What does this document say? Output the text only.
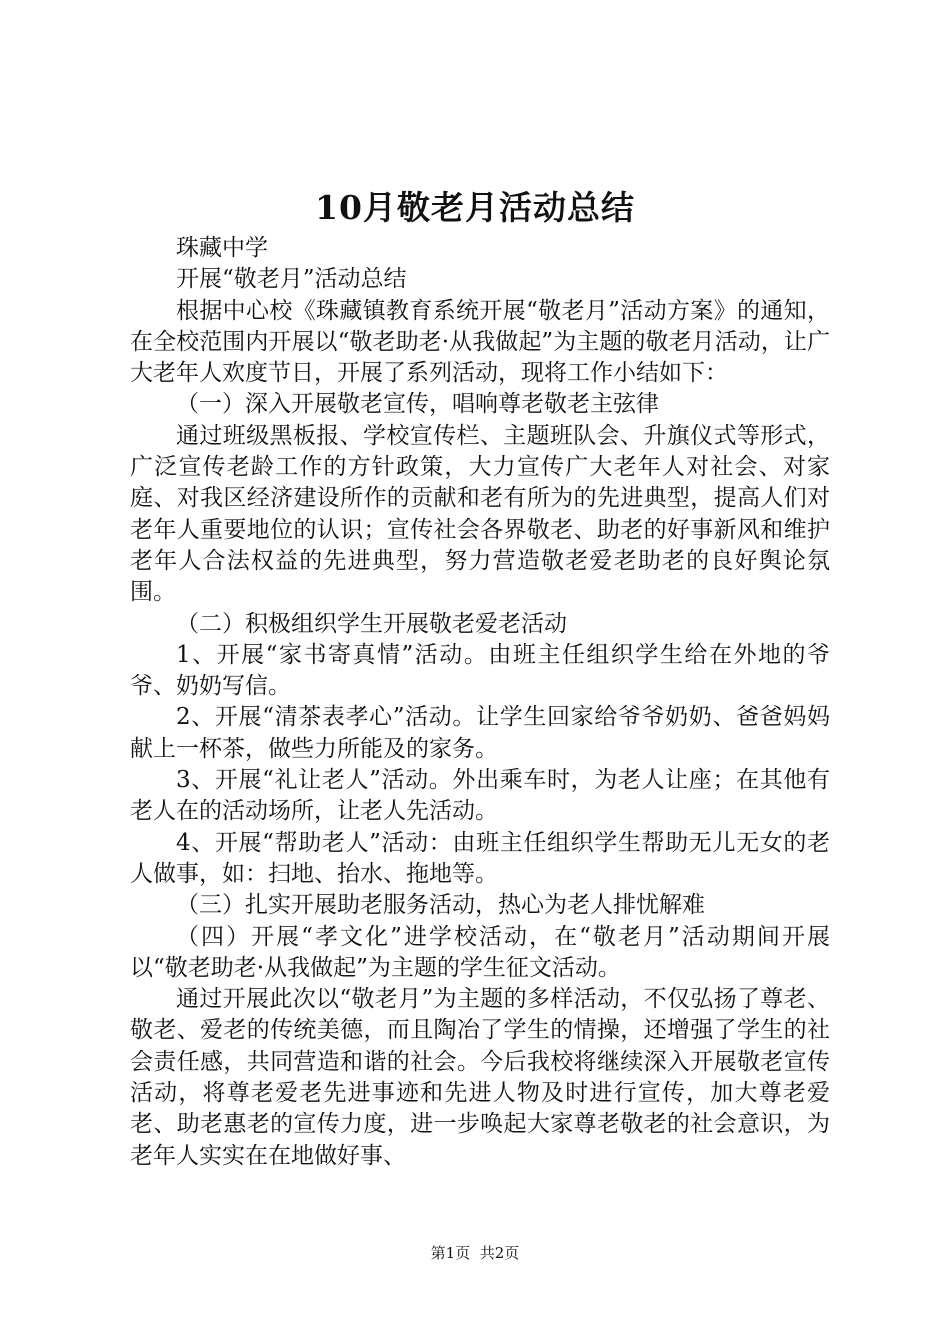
10月敬老月活动总结

珠藏中学

开展“敬老月”活动总结

根据中心校《珠藏镇教育系统开展“敬老月”活动方案》的通知，在全校范围内开展以“敬老助老·从我做起”为主题的敬老月活动，让广大老年人欢度节日，开展了系列活动，现将工作小结如下：

（一）深入开展敬老宣传，唱响尊老敬老主弦律

通过班级黑板报、学校宣传栏、主题班队会、升旗仪式等形式，广泛宣传老龄工作的方针政策，大力宣传广大老年人对社会、对家庭、对我区经济建设所作的贡献和老有所为的先进典型，提高人们对老年人重要地位的认识；宣传社会各界敬老、助老的好事新风和维护老年人合法权益的先进典型，努力营造敬老爱老助老的良好舆论氛围。

（二）积极组织学生开展敬老爱老活动

1、开展“家书寄真情”活动。由班主任组织学生给在外地的爷爷、奶奶写信。

2、开展“清茶表孝心”活动。让学生回家给爷爷奶奶、爸爸妈妈献上一杯茶，做些力所能及的家务。

3、开展“礼让老人”活动。外出乘车时，为老人让座；在其他有老人在的活动场所，让老人先活动。

4、开展“帮助老人”活动：由班主任组织学生帮助无儿无女的老人做事，如：扫地、抬水、拖地等。

（三）扎实开展助老服务活动，热心为老人排忧解难

（四）开展“孝文化”进学校活动，在“敬老月”活动期间开展以“敬老助老·从我做起”为主题的学生征文活动。

通过开展此次以“敬老月”为主题的多样活动，不仅弘扬了尊老、敬老、爱老的传统美德，而且陶冶了学生的情操，还增强了学生的社会责任感，共同营造和谐的社会。今后我校将继续深入开展敬老宣传活动，将尊老爱老先进事迹和先进人物及时进行宣传，加大尊老爱老、助老惠老的宣传力度，进一步唤起大家尊老敬老的社会意识，为老年人实实在在地做好事、

第1页 共2页
